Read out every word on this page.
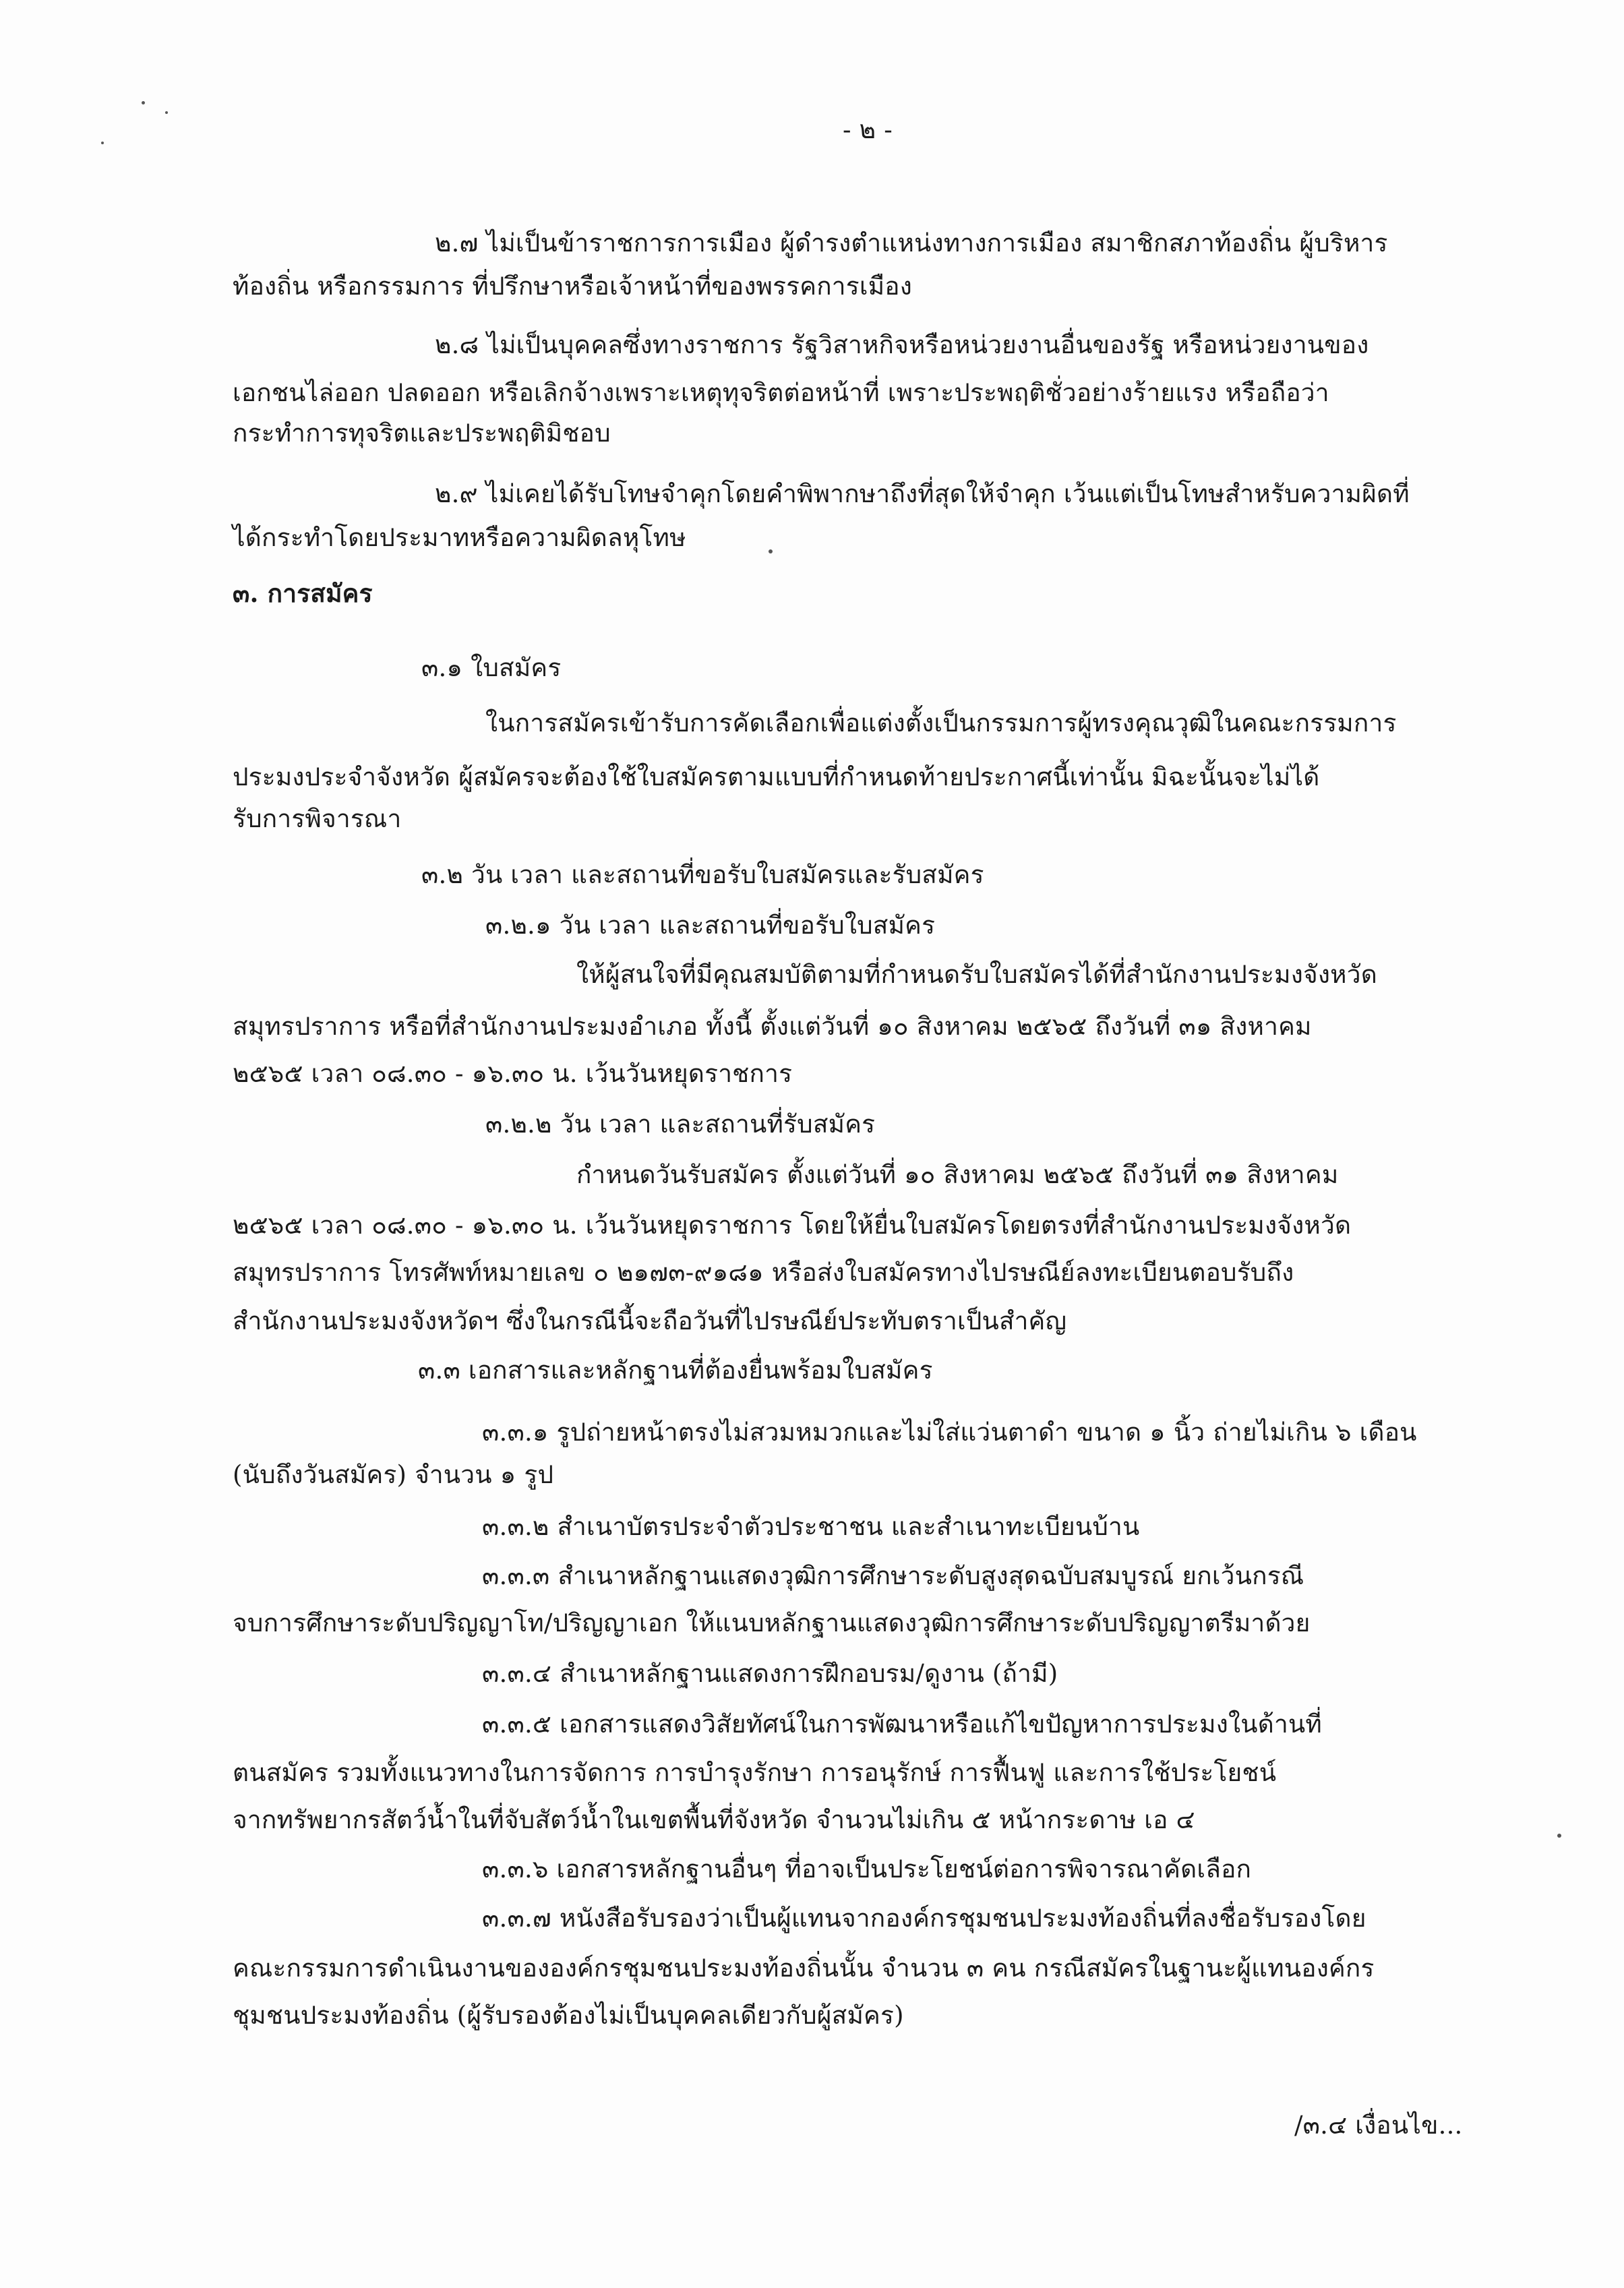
- ๒ -
๒.๗ ไม่เป็นข้าราชการการเมือง ผู้ดำรงตำแหน่งทางการเมือง สมาชิกสภาท้องถิ่น ผู้บริหาร
ท้องถิ่น หรือกรรมการ ที่ปรึกษาหรือเจ้าหน้าที่ของพรรคการเมือง
๒.๘ ไม่เป็นบุคคลซึ่งทางราชการ รัฐวิสาหกิจหรือหน่วยงานอื่นของรัฐ หรือหน่วยงานของ
เอกชนไล่ออก ปลดออก หรือเลิกจ้างเพราะเหตุทุจริตต่อหน้าที่ เพราะประพฤติชั่วอย่างร้ายแรง หรือถือว่า
กระทำการทุจริตและประพฤติมิชอบ
๒.๙ ไม่เคยได้รับโทษจำคุกโดยคำพิพากษาถึงที่สุดให้จำคุก เว้นแต่เป็นโทษสำหรับความผิดที่
ได้กระทำโดยประมาทหรือความผิดลหุโทษ
๓. การสมัคร
๓.๑ ใบสมัคร
ในการสมัครเข้ารับการคัดเลือกเพื่อแต่งตั้งเป็นกรรมการผู้ทรงคุณวุฒิในคณะกรรมการ
ประมงประจำจังหวัด ผู้สมัครจะต้องใช้ใบสมัครตามแบบที่กำหนดท้ายประกาศนี้เท่านั้น มิฉะนั้นจะไม่ได้
รับการพิจารณา
๓.๒ วัน เวลา และสถานที่ขอรับใบสมัครและรับสมัคร
๓.๒.๑ วัน เวลา และสถานที่ขอรับใบสมัคร
ให้ผู้สนใจที่มีคุณสมบัติตามที่กำหนดรับใบสมัครได้ที่สำนักงานประมงจังหวัด
สมุทรปราการ หรือที่สำนักงานประมงอำเภอ ทั้งนี้ ตั้งแต่วันที่ ๑๐ สิงหาคม ๒๕๖๕ ถึงวันที่ ๓๑ สิงหาคม
๒๕๖๕ เวลา ๐๘.๓๐ - ๑๖.๓๐ น. เว้นวันหยุดราชการ
๓.๒.๒ วัน เวลา และสถานที่รับสมัคร
กำหนดวันรับสมัคร ตั้งแต่วันที่ ๑๐ สิงหาคม ๒๕๖๕ ถึงวันที่ ๓๑ สิงหาคม
๒๕๖๕ เวลา ๐๘.๓๐ - ๑๖.๓๐ น. เว้นวันหยุดราชการ โดยให้ยื่นใบสมัครโดยตรงที่สำนักงานประมงจังหวัด
สมุทรปราการ โทรศัพท์หมายเลข ๐ ๒๑๗๓-๙๑๘๑ หรือส่งใบสมัครทางไปรษณีย์ลงทะเบียนตอบรับถึง
สำนักงานประมงจังหวัดฯ ซึ่งในกรณีนี้จะถือวันที่ไปรษณีย์ประทับตราเป็นสำคัญ
๓.๓ เอกสารและหลักฐานที่ต้องยื่นพร้อมใบสมัคร
๓.๓.๑ รูปถ่ายหน้าตรงไม่สวมหมวกและไม่ใส่แว่นตาดำ ขนาด ๑ นิ้ว ถ่ายไม่เกิน ๖ เดือน
(นับถึงวันสมัคร) จำนวน ๑ รูป
๓.๓.๒ สำเนาบัตรประจำตัวประชาชน และสำเนาทะเบียนบ้าน
๓.๓.๓ สำเนาหลักฐานแสดงวุฒิการศึกษาระดับสูงสุดฉบับสมบูรณ์ ยกเว้นกรณี
จบการศึกษาระดับปริญญาโท/ปริญญาเอก ให้แนบหลักฐานแสดงวุฒิการศึกษาระดับปริญญาตรีมาด้วย
๓.๓.๔ สำเนาหลักฐานแสดงการฝึกอบรม/ดูงาน (ถ้ามี)
๓.๓.๕ เอกสารแสดงวิสัยทัศน์ในการพัฒนาหรือแก้ไขปัญหาการประมงในด้านที่
ตนสมัคร รวมทั้งแนวทางในการจัดการ การบำรุงรักษา การอนุรักษ์ การฟื้นฟู และการใช้ประโยชน์
จากทรัพยากรสัตว์น้ำในที่จับสัตว์น้ำในเขตพื้นที่จังหวัด จำนวนไม่เกิน ๕ หน้ากระดาษ เอ ๔
๓.๓.๖ เอกสารหลักฐานอื่นๆ ที่อาจเป็นประโยชน์ต่อการพิจารณาคัดเลือก
๓.๓.๗ หนังสือรับรองว่าเป็นผู้แทนจากองค์กรชุมชนประมงท้องถิ่นที่ลงชื่อรับรองโดย
คณะกรรมการดำเนินงานขององค์กรชุมชนประมงท้องถิ่นนั้น จำนวน ๓ คน กรณีสมัครในฐานะผู้แทนองค์กร
ชุมชนประมงท้องถิ่น (ผู้รับรองต้องไม่เป็นบุคคลเดียวกับผู้สมัคร)
/๓.๔ เงื่อนไข...
